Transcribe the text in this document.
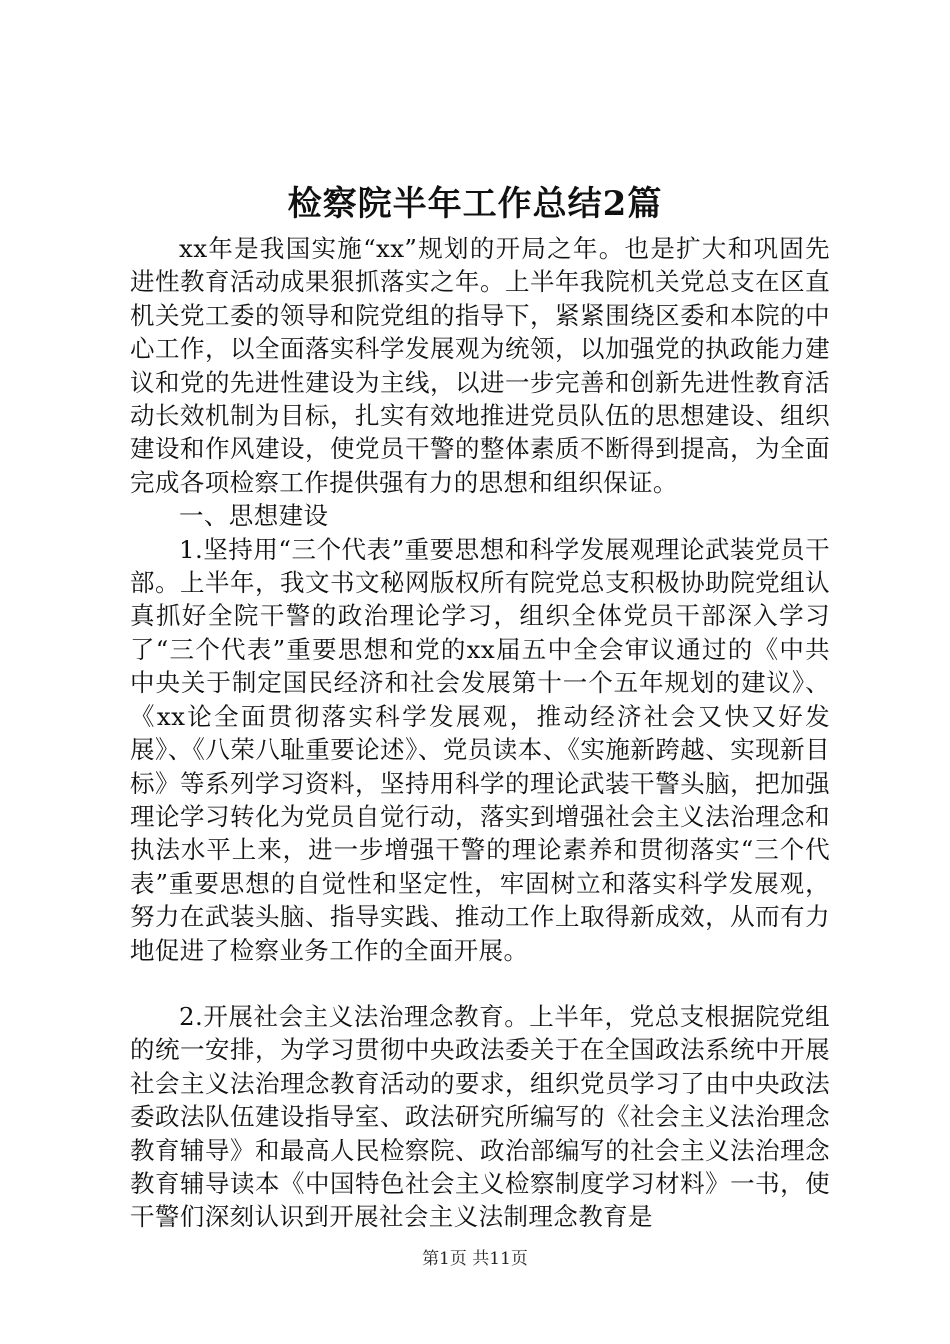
检察院半年工作总结2篇

xx年是我国实施“xx”规划的开局之年。也是扩大和巩固先进性教育活动成果狠抓落实之年。上半年我院机关党总支在区直机关党工委的领导和院党组的指导下，紧紧围绕区委和本院的中心工作，以全面落实科学发展观为统领，以加强党的执政能力建议和党的先进性建设为主线，以进一步完善和创新先进性教育活动长效机制为目标，扎实有效地推进党员队伍的思想建设、组织建设和作风建设，使党员干警的整体素质不断得到提高，为全面完成各项检察工作提供强有力的思想和组织保证。

一、思想建设

1.坚持用“三个代表”重要思想和科学发展观理论武装党员干部。上半年，我文书文秘网版权所有院党总支积极协助院党组认真抓好全院干警的政治理论学习，组织全体党员干部深入学习了“三个代表”重要思想和党的xx届五中全会审议通过的《中共中央关于制定国民经济和社会发展第十一个五年规划的建议》、《xx论全面贯彻落实科学发展观，推动经济社会又快又好发展》、《八荣八耻重要论述》、党员读本、《实施新跨越、实现新目标》等系列学习资料，坚持用科学的理论武装干警头脑，把加强理论学习转化为党员自觉行动，落实到增强社会主义法治理念和执法水平上来，进一步增强干警的理论素养和贯彻落实“三个代表”重要思想的自觉性和坚定性，牢固树立和落实科学发展观，努力在武装头脑、指导实践、推动工作上取得新成效，从而有力地促进了检察业务工作的全面开展。

2.开展社会主义法治理念教育。上半年，党总支根据院党组的统一安排，为学习贯彻中央政法委关于在全国政法系统中开展社会主义法治理念教育活动的要求，组织党员学习了由中央政法委政法队伍建设指导室、政法研究所编写的《社会主义法治理念教育辅导》和最高人民检察院、政治部编写的社会主义法治理念教育辅导读本《中国特色社会主义检察制度学习材料》一书，使干警们深刻认识到开展社会主义法制理念教育是

第1页 共11页
